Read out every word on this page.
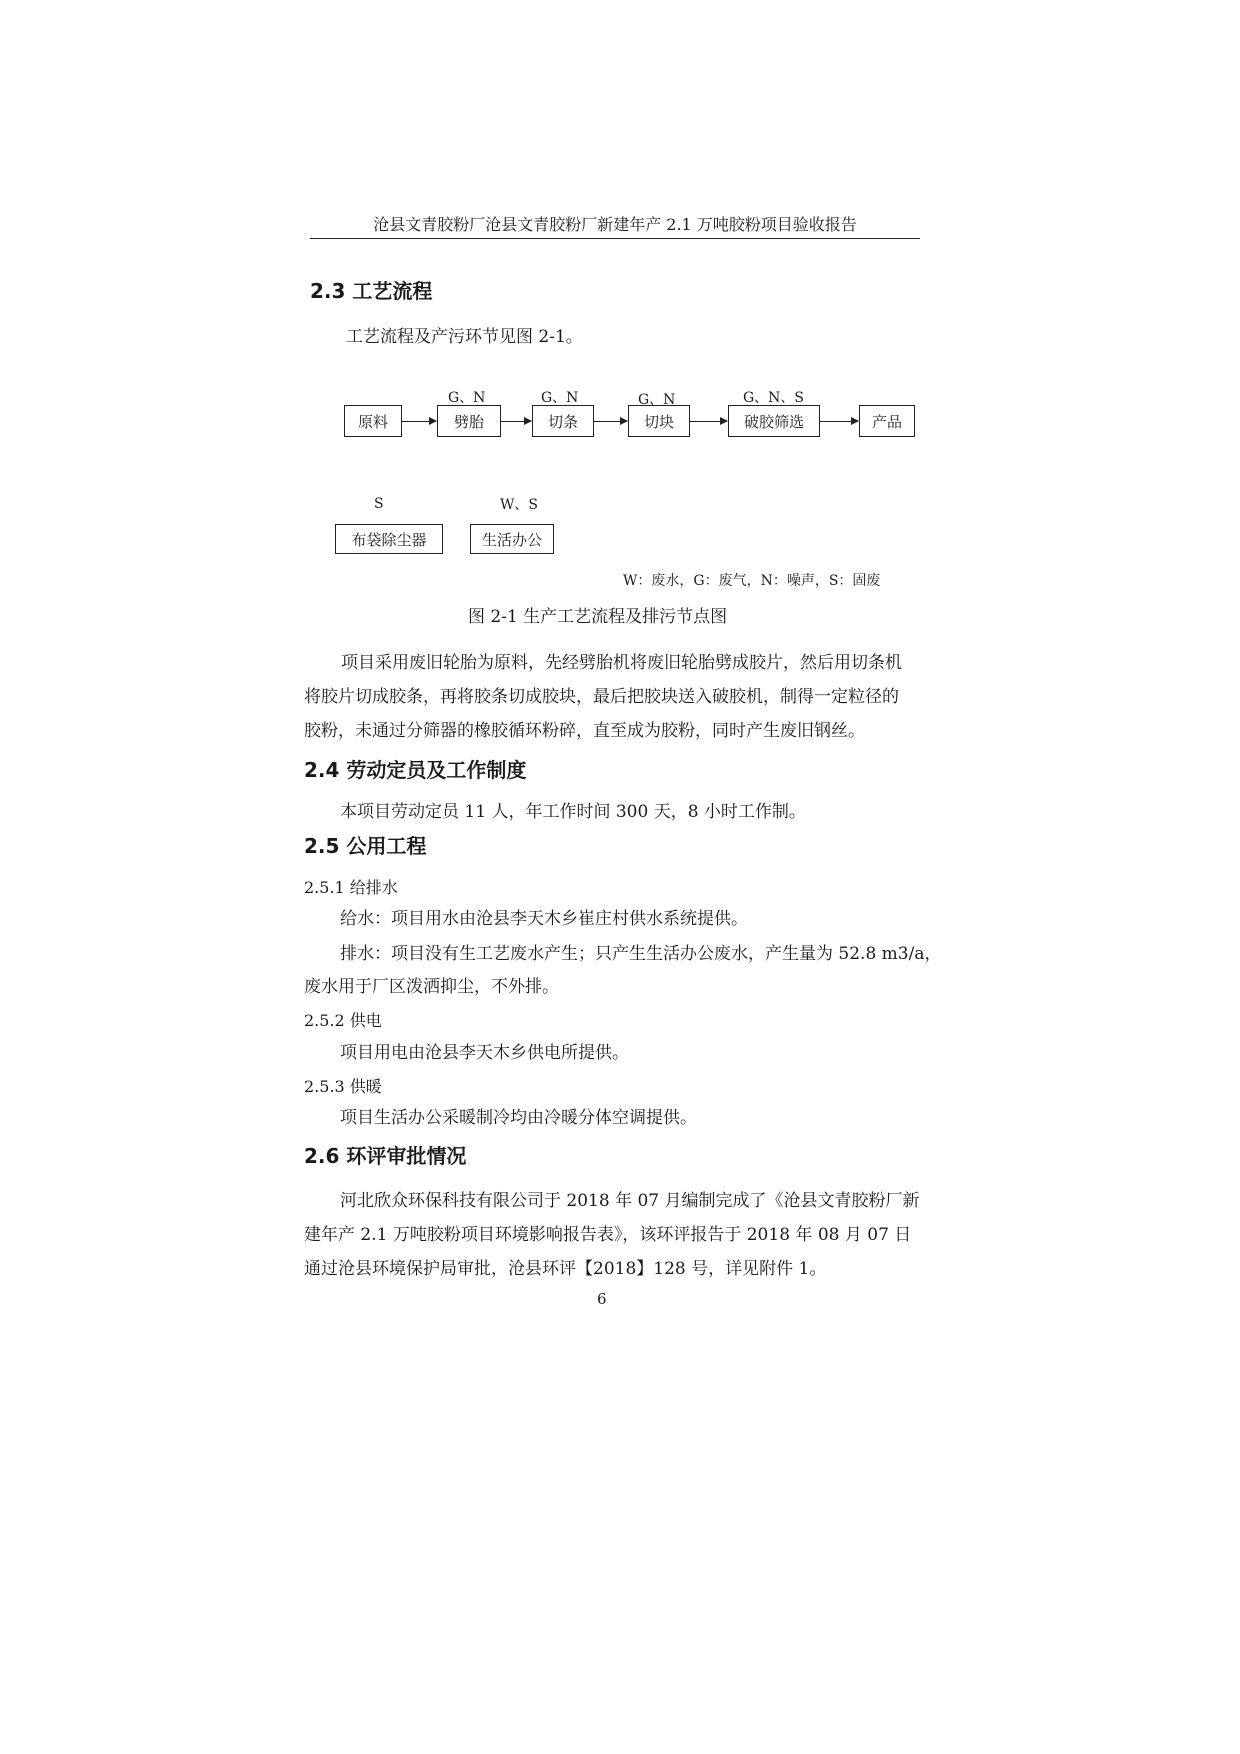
沧县文青胶粉厂沧县文青胶粉厂新建年产 2.1 万吨胶粉项目验收报告
2.3 工艺流程
工艺流程及产污环节见图 2-1。
原料	劈胎	切条	切块	破胶筛选	产品
G、N	G、N	G、N	G、N、S
S	W、S
布袋除尘器	生活办公
W：废水，G：废气，N：噪声，S：固废
图 2-1 生产工艺流程及排污节点图
项目采用废旧轮胎为原料，先经劈胎机将废旧轮胎劈成胶片，然后用切条机
将胶片切成胶条，再将胶条切成胶块，最后把胶块送入破胶机，制得一定粒径的
胶粉，未通过分筛器的橡胶循环粉碎，直至成为胶粉，同时产生废旧钢丝。
2.4 劳动定员及工作制度
本项目劳动定员 11 人，年工作时间 300 天，8 小时工作制。
2.5 公用工程
2.5.1 给排水
给水：项目用水由沧县李天木乡崔庄村供水系统提供。
排水：项目没有生工艺废水产生；只产生生活办公废水，产生量为 52.8 m3/a，
废水用于厂区泼洒抑尘，不外排。
2.5.2 供电
项目用电由沧县李天木乡供电所提供。
2.5.3 供暖
项目生活办公采暖制冷均由冷暖分体空调提供。
2.6 环评审批情况
河北欣众环保科技有限公司于 2018 年 07 月编制完成了《沧县文青胶粉厂新
建年产 2.1 万吨胶粉项目环境影响报告表》，该环评报告于 2018 年 08 月 07 日
通过沧县环境保护局审批，沧县环评【2018】128 号，详见附件 1。
6
